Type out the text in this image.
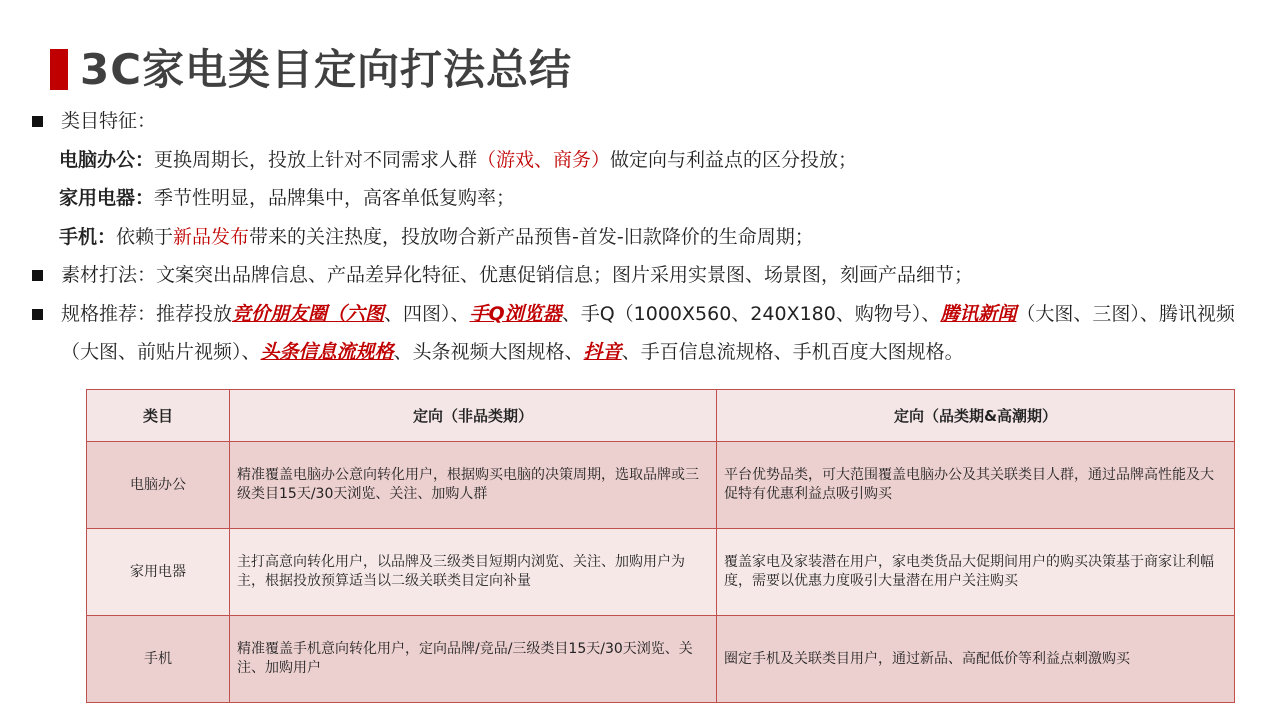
3C家电类目定向打法总结
类目特征：
电脑办公： 更换周期长，投放上针对不同需求人群 （游戏、商务） 做定向与利益点的区分投放；
家用电器： 季节性明显，品牌集中，高客单低复购率；
手机： 依赖于 新品发布 带来的关注热度，投放吻合新产品预售-首发-旧款降价的生命周期；
素材打法：文案突出品牌信息、产品差异化特征、优惠促销信息；图片采用实景图、场景图，刻画产品细节；
规格推荐：推荐投放竞价朋友圈（六图、四图）、手Q浏览器、手Q（1000X560、240X180、购物号）、腾讯新闻（大图、三图）、腾讯视频（大图、前贴片视频）、头条信息流规格、头条视频大图规格、抖音、手百信息流规格、手机百度大图规格。
类目	定向（非品类期）	定向（品类期&高潮期）
电脑办公	精准覆盖电脑办公意向转化用户，根据购买电脑的决策周期，选取品牌或三级类目15天/30天浏览、关注、加购人群	平台优势品类，可大范围覆盖电脑办公及其关联类目人群，通过品牌高性能及大促特有优惠利益点吸引购买
家用电器	主打高意向转化用户，以品牌及三级类目短期内浏览、关注、加购用户为主，根据投放预算适当以二级关联类目定向补量	覆盖家电及家装潜在用户，家电类货品大促期间用户的购买决策基于商家让利幅度，需要以优惠力度吸引大量潜在用户关注购买
手机	精准覆盖手机意向转化用户，定向品牌/竞品/三级类目15天/30天浏览、关注、加购用户	圈定手机及关联类目用户，通过新品、高配低价等利益点刺激购买
